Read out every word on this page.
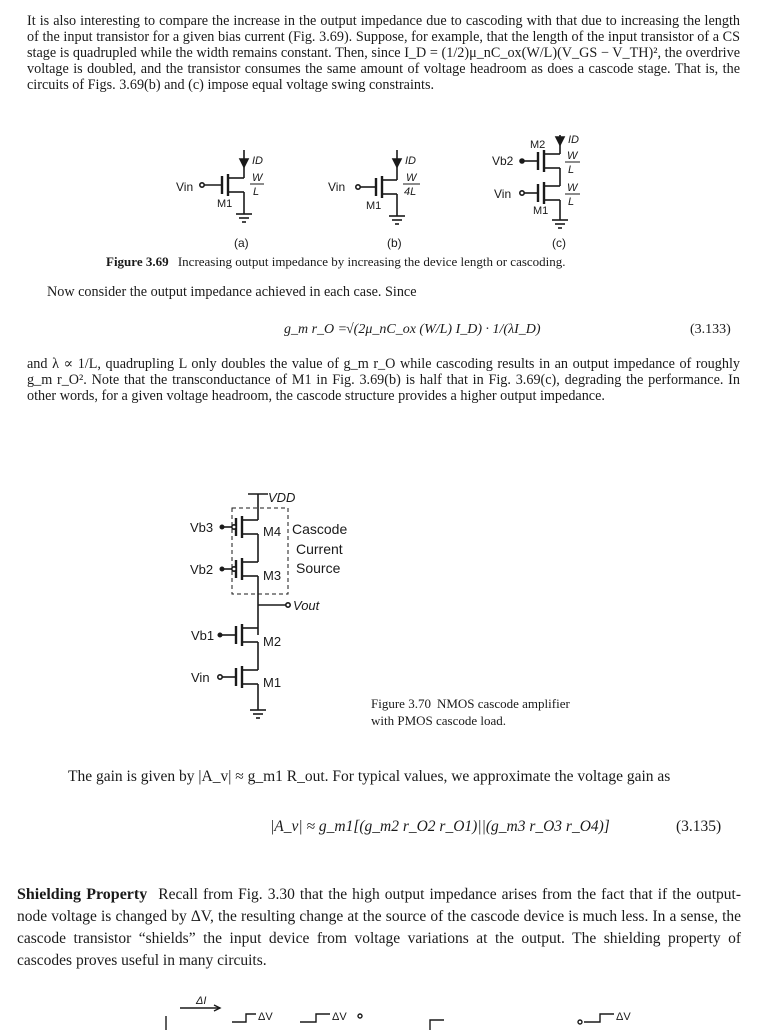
It is also interesting to compare the increase in the output impedance due to cascoding with that due to increasing the length of the input transistor for a given bias current (Fig. 3.69). Suppose, for example, that the length of the input transistor of a CS stage is quadrupled while the width remains constant. Then, since I_D = (1/2)μ_nC_ox(W/L)(V_GS − V_TH)², the overdrive voltage is doubled, and the transistor consumes the same amount of voltage headroom as does a cascode stage. That is, the circuits of Figs. 3.69(b) and (c) impose equal voltage swing constraints.
Vin
ID
W
L
M1
(a)
Vin
ID
W
4L
M1
(b)
M2 ID
Vb2	W
L
Vin	W
L
M1
(c)
Figure 3.69 Increasing output impedance by increasing the device length or cascoding.
Now consider the output impedance achieved in each case. Since
g_m r_O =
√(2μ_nC_ox (W/L) I_D) · 1/(λI_D)	(3.133)
and λ ∝ 1/L, quadrupling L only doubles the value of g_m r_O while cascoding results in an output impedance of roughly g_m r_O². Note that the transconductance of M1 in Fig. 3.69(b) is half that in Fig. 3.69(c), degrading the performance. In other words, for a given voltage headroom, the cascode structure provides a higher output impedance.
VDD
Vb3	M4 Cascode
Current
Source
Vb2	M3
Vout
Vb1	M2
Vin	M1
Figure 3.70 NMOS cascode amplifier
with PMOS cascode load.
The gain is given by |A_v| ≈ g_m1 R_out. For typical values, we approximate the voltage gain as
|A_v| ≈ g_m1[(g_m2 r_O2 r_O1)||(g_m3 r_O3 r_O4)]	(3.135)
Shielding Property Recall from Fig. 3.30 that the high output impedance arises from the fact that if the output-node voltage is changed by ΔV, the resulting change at the source of the cascode device is much less. In a sense, the cascode transistor “shields” the input device from voltage variations at the output. The shielding property of cascodes proves useful in many circuits.
ΔI
ΔV	ΔV	ΔV
